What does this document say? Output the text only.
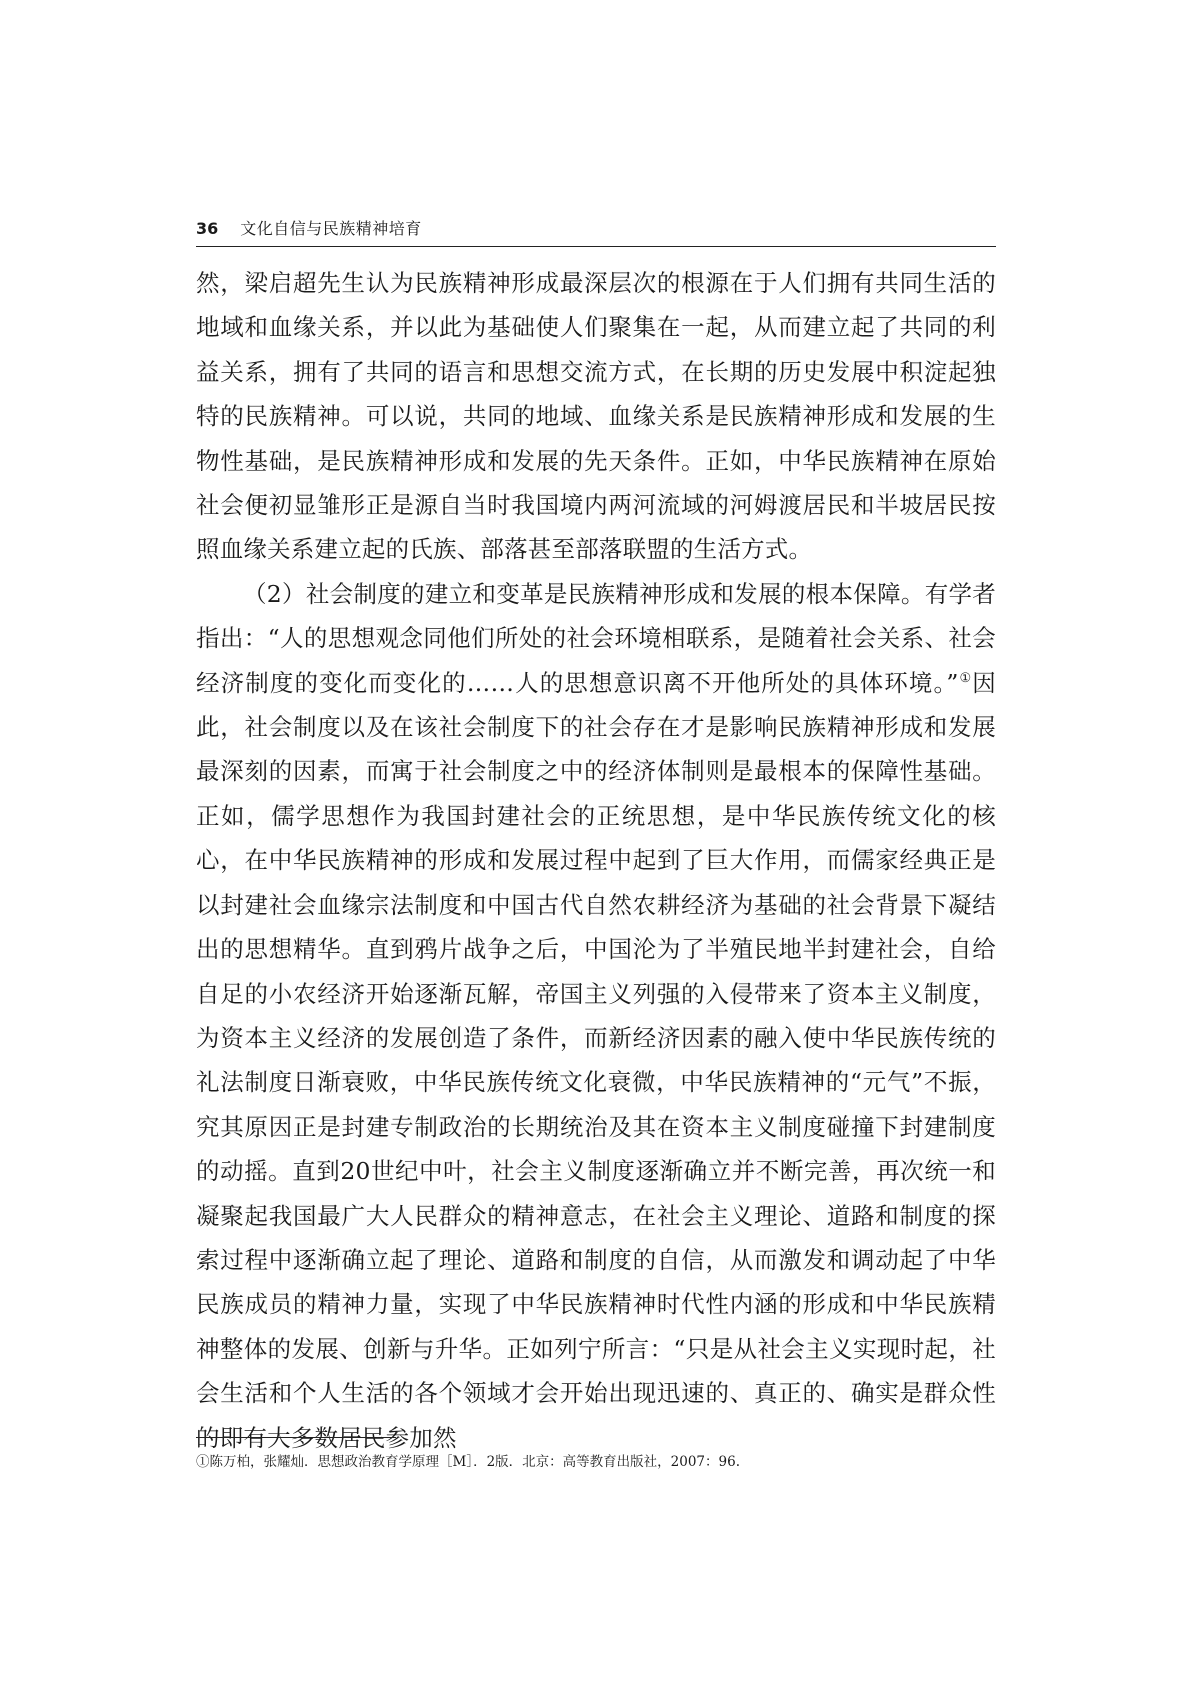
36 文化自信与民族精神培育

然，梁启超先生认为民族精神形成最深层次的根源在于人们拥有共同生活的地域和血缘关系，并以此为基础使人们聚集在一起，从而建立起了共同的利益关系，拥有了共同的语言和思想交流方式，在长期的历史发展中积淀起独特的民族精神。可以说，共同的地域、血缘关系是民族精神形成和发展的生物性基础，是民族精神形成和发展的先天条件。正如，中华民族精神在原始社会便初显雏形正是源自当时我国境内两河流域的河姆渡居民和半坡居民按照血缘关系建立起的氏族、部落甚至部落联盟的生活方式。

（2）社会制度的建立和变革是民族精神形成和发展的根本保障。有学者指出：“人的思想观念同他们所处的社会环境相联系，是随着社会关系、社会经济制度的变化而变化的……人的思想意识离不开他所处的具体环境。”①因此，社会制度以及在该社会制度下的社会存在才是影响民族精神形成和发展最深刻的因素，而寓于社会制度之中的经济体制则是最根本的保障性基础。正如，儒学思想作为我国封建社会的正统思想，是中华民族传统文化的核心，在中华民族精神的形成和发展过程中起到了巨大作用，而儒家经典正是以封建社会血缘宗法制度和中国古代自然农耕经济为基础的社会背景下凝结出的思想精华。直到鸦片战争之后，中国沦为了半殖民地半封建社会，自给自足的小农经济开始逐渐瓦解，帝国主义列强的入侵带来了资本主义制度，为资本主义经济的发展创造了条件，而新经济因素的融入使中华民族传统的礼法制度日渐衰败，中华民族传统文化衰微，中华民族精神的“元气”不振，究其原因正是封建专制政治的长期统治及其在资本主义制度碰撞下封建制度的动摇。直到20世纪中叶，社会主义制度逐渐确立并不断完善，再次统一和凝聚起我国最广大人民群众的精神意志，在社会主义理论、道路和制度的探索过程中逐渐确立起了理论、道路和制度的自信，从而激发和调动起了中华民族成员的精神力量，实现了中华民族精神时代性内涵的形成和中华民族精神整体的发展、创新与升华。正如列宁所言：“只是从社会主义实现时起，社会生活和个人生活的各个领域才会开始出现迅速的、真正的、确实是群众性的即有大多数居民参加然

①陈万柏，张耀灿．思想政治教育学原理［M］．2版．北京：高等教育出版社，2007：96.
